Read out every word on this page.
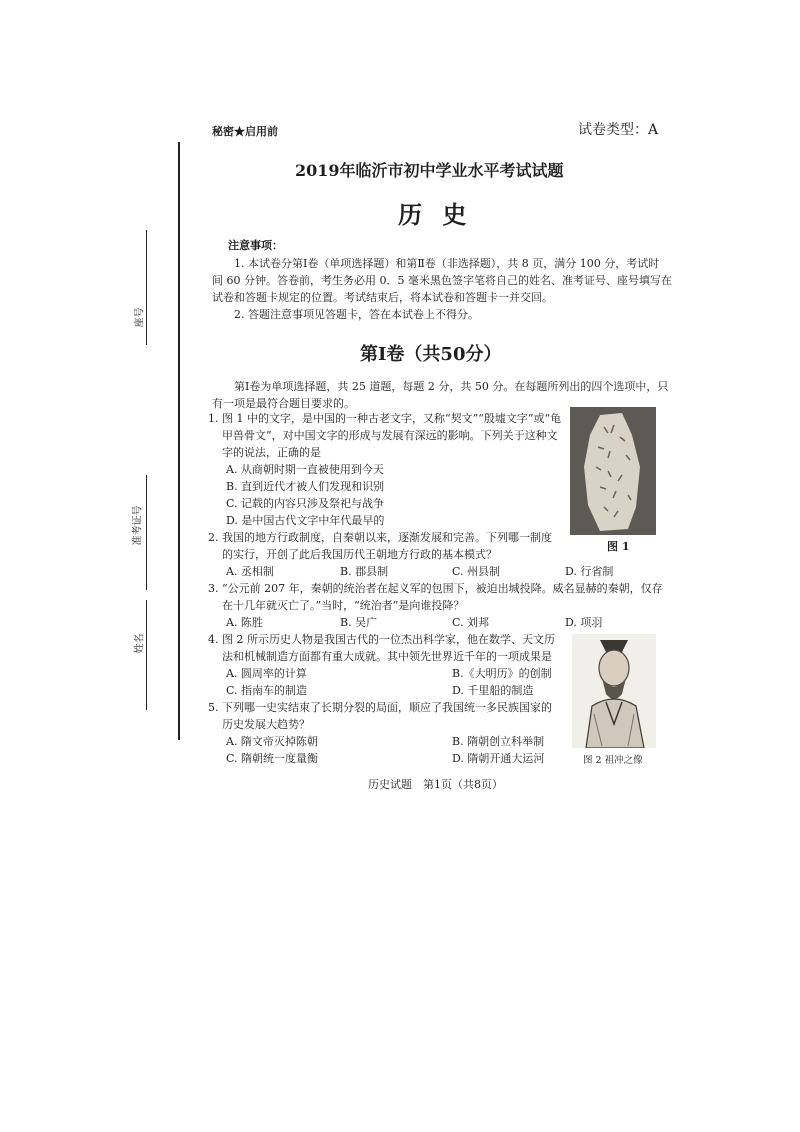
秘密★启用前	试卷类型：A
座号
准考证号
姓名
2019年临沂市初中学业水平考试试题
历 史
注意事项：
1. 本试卷分第Ⅰ卷（单项选择题）和第Ⅱ卷（非选择题），共 8 页，满分 100 分，考试时
间 60 分钟。答卷前，考生务必用 0．5 毫米黑色签字笔将自己的姓名、准考证号、座号填写在
试卷和答题卡规定的位置。考试结束后，将本试卷和答题卡一并交回。
2. 答题注意事项见答题卡，答在本试卷上不得分。
第Ⅰ卷（共50分）
第Ⅰ卷为单项选择题，共 25 道题，每题 2 分，共 50 分。在每题所列出的四个选项中，只
有一项是最符合题目要求的。
1. 图 1 中的文字，是中国的一种古老文字，又称“契文”“殷墟文字”或“龟
甲兽骨文”，对中国文字的形成与发展有深远的影响。下列关于这种文
字的说法，正确的是
A. 从商朝时期一直被使用到今天
B. 直到近代才被人们发现和识别
C. 记载的内容只涉及祭祀与战争
D. 是中国古代文字中年代最早的
图 1
2. 我国的地方行政制度，自秦朝以来，逐渐发展和完善。下列哪一制度
的实行，开创了此后我国历代王朝地方行政的基本模式？
A. 丞相制	B. 郡县制	C. 州县制	D. 行省制
3. “公元前 207 年，秦朝的统治者在起义军的包围下，被迫出城投降。威名显赫的秦朝，仅存
在十几年就灭亡了。”当时，“统治者”是向谁投降？
A. 陈胜	B. 吴广	C. 刘邦	D. 项羽
4. 图 2 所示历史人物是我国古代的一位杰出科学家，他在数学、天文历
法和机械制造方面都有重大成就。其中领先世界近千年的一项成果是
A. 圆周率的计算	B.《大明历》的创制
C. 指南车的制造	D. 千里船的制造
5. 下列哪一史实结束了长期分裂的局面，顺应了我国统一多民族国家的
历史发展大趋势？
A. 隋文帝灭掉陈朝	B. 隋朝创立科举制
C. 隋朝统一度量衡	D. 隋朝开通大运河	图 2 祖冲之像
历史试题　第1页（共8页）
